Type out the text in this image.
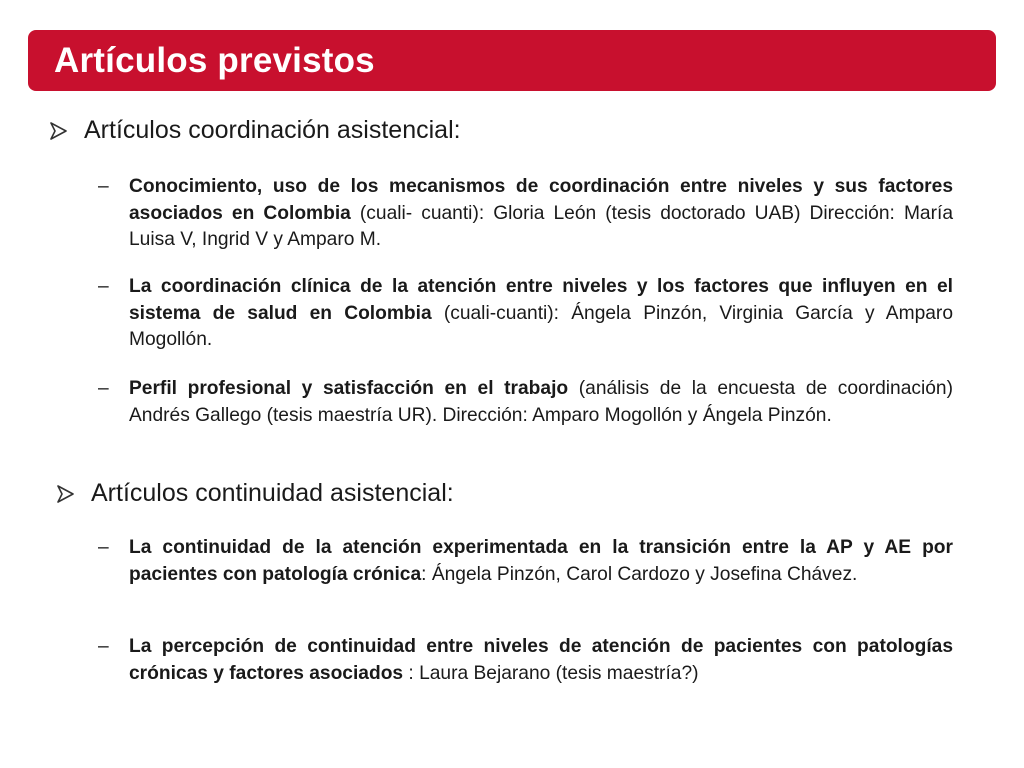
Artículos previstos
Artículos coordinación asistencial:
–	Conocimiento, uso de los mecanismos de coordinación entre niveles y sus factores asociados en Colombia (cuali- cuanti): Gloria León (tesis doctorado UAB) Dirección: María Luisa V, Ingrid V y Amparo M.
–	La coordinación clínica de la atención entre niveles y los factores que influyen en el sistema de salud en Colombia (cuali-cuanti): Ángela Pinzón, Virginia García y Amparo Mogollón.
–	Perfil profesional y satisfacción en el trabajo (análisis de la encuesta de coordinación) Andrés Gallego (tesis maestría UR). Dirección: Amparo Mogollón y Ángela Pinzón.
Artículos continuidad asistencial:
–	La continuidad de la atención experimentada en la transición entre la AP y AE por pacientes con patología crónica: Ángela Pinzón, Carol Cardozo y Josefina Chávez.
–	La percepción de continuidad entre niveles de atención de pacientes con patologías crónicas y factores asociados : Laura Bejarano (tesis maestría?)
